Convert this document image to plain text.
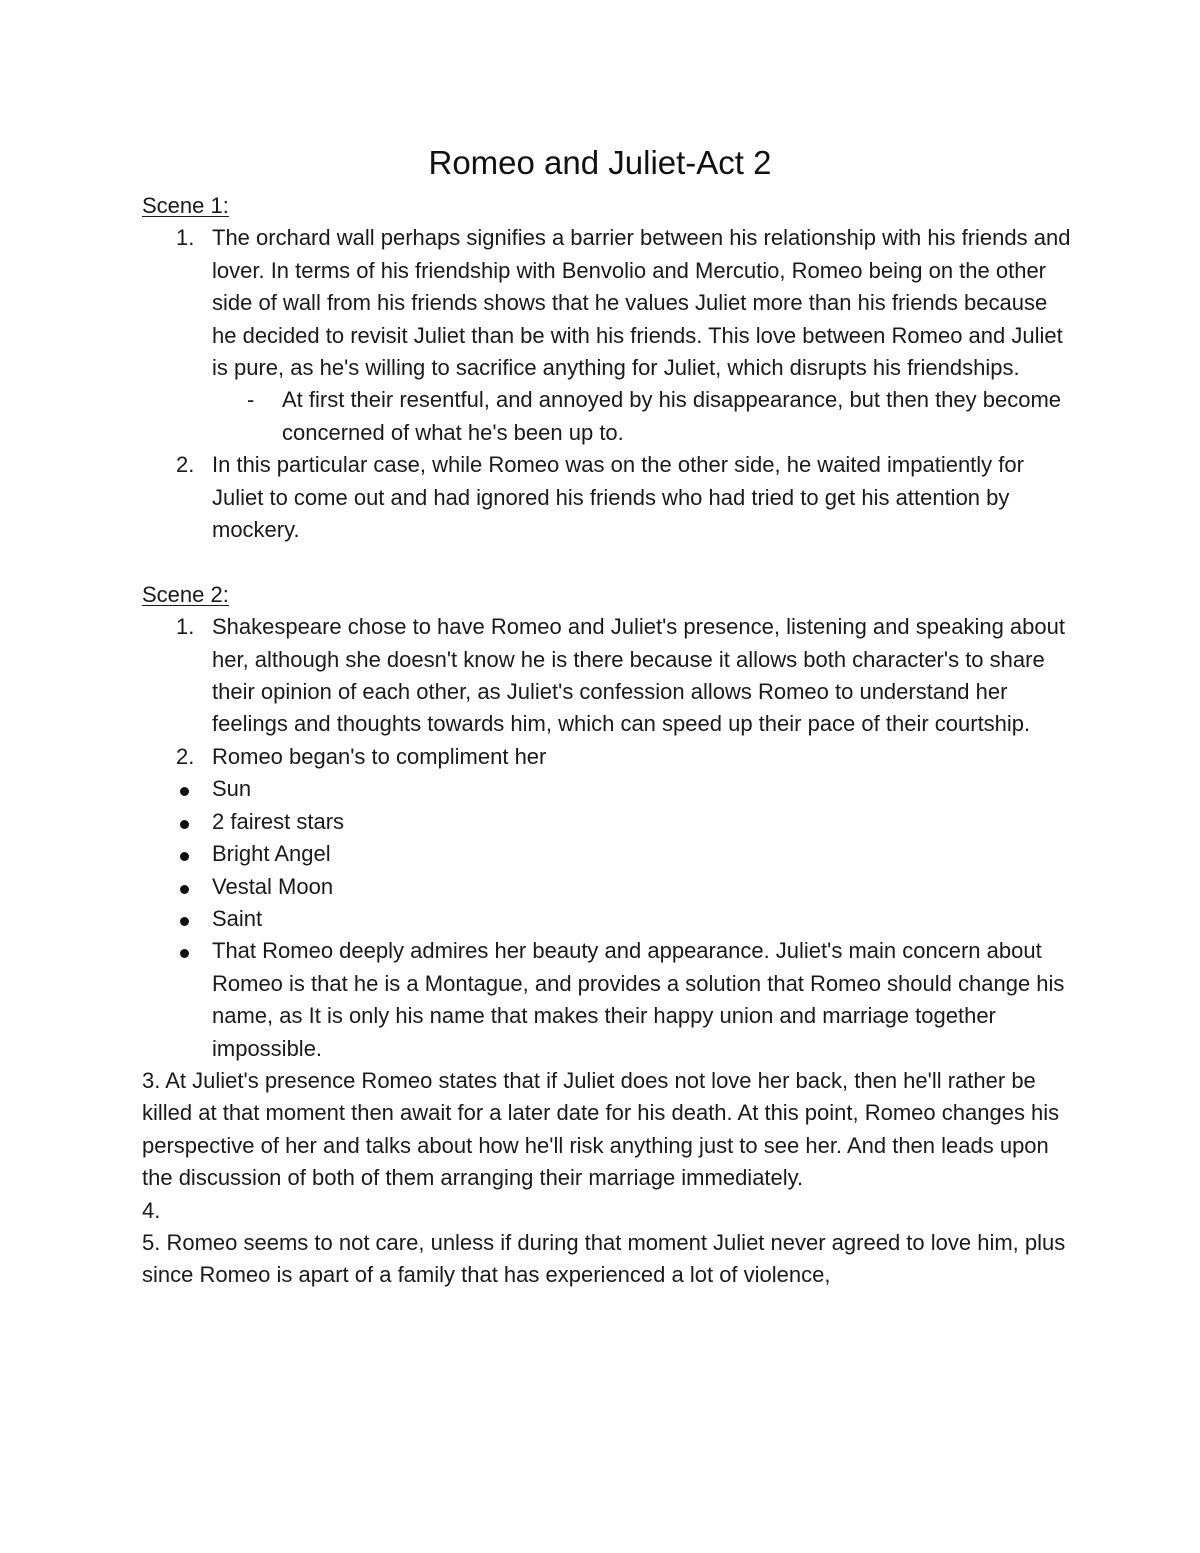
Romeo and Juliet-Act 2
Scene 1:
1. The orchard wall perhaps signifies a barrier between his relationship with his friends and lover. In terms of his friendship with Benvolio and Mercutio, Romeo being on the other side of wall from his friends shows that he values Juliet more than his friends because he decided to revisit Juliet than be with his friends. This love between Romeo and Juliet is pure, as he's willing to sacrifice anything for Juliet, which disrupts his friendships.
- At first their resentful, and annoyed by his disappearance, but then they become concerned of what he's been up to.
2. In this particular case, while Romeo was on the other side, he waited impatiently for Juliet to come out and had ignored his friends who had tried to get his attention by mockery.
Scene 2:
1. Shakespeare chose to have Romeo and Juliet's presence, listening and speaking about her, although she doesn't know he is there because it allows both character's to share their opinion of each other, as Juliet's confession allows Romeo to understand her feelings and thoughts towards him, which can speed up their pace of their courtship.
2. Romeo began's to compliment her
Sun
2 fairest stars
Bright Angel
Vestal Moon
Saint
That Romeo deeply admires her beauty and appearance. Juliet's main concern about Romeo is that he is a Montague, and provides a solution that Romeo should change his name, as It is only his name that makes their happy union and marriage together impossible.
3. At Juliet's presence Romeo states that if Juliet does not love her back, then he'll rather be killed at that moment then await for a later date for his death. At this point, Romeo changes his perspective of her and talks about how he'll risk anything just to see her. And then leads upon the discussion of both of them arranging their marriage immediately.
4.
5. Romeo seems to not care, unless if during that moment Juliet never agreed to love him, plus since Romeo is apart of a family that has experienced a lot of violence,
